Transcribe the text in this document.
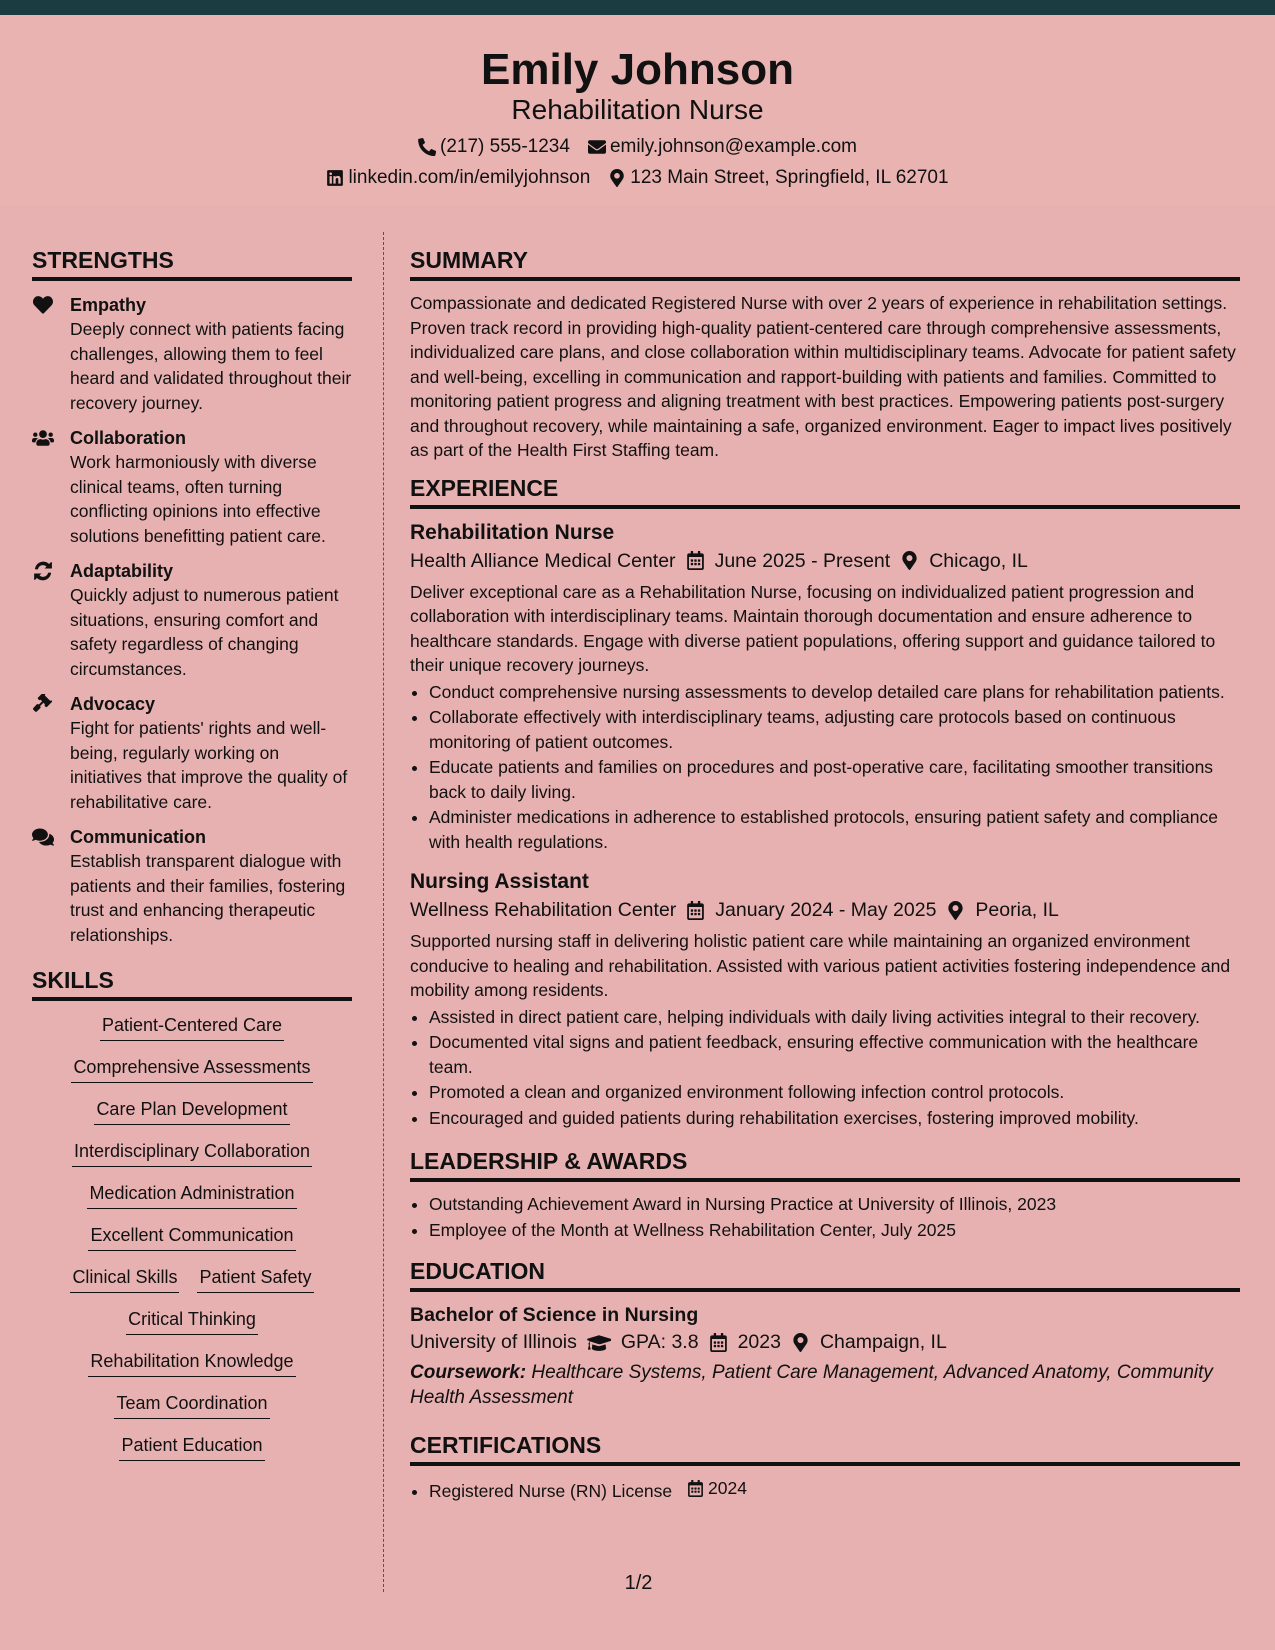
Emily Johnson
Rehabilitation Nurse
(217) 555-1234 emily.johnson@example.com
linkedin.com/in/emilyjohnson 123 Main Street, Springfield, IL 62701
STRENGTHS
Empathy
Deeply connect with patients facing challenges, allowing them to feel heard and validated throughout their recovery journey.
Collaboration
Work harmoniously with diverse clinical teams, often turning conflicting opinions into effective solutions benefitting patient care.
Adaptability
Quickly adjust to numerous patient situations, ensuring comfort and safety regardless of changing circumstances.
Advocacy
Fight for patients' rights and well-being, regularly working on initiatives that improve the quality of rehabilitative care.
Communication
Establish transparent dialogue with patients and their families, fostering trust and enhancing therapeutic relationships.
SKILLS
Patient-Centered Care
Comprehensive Assessments
Care Plan Development
Interdisciplinary Collaboration
Medication Administration
Excellent Communication
Clinical Skills Patient Safety
Critical Thinking
Rehabilitation Knowledge
Team Coordination
Patient Education
SUMMARY
Compassionate and dedicated Registered Nurse with over 2 years of experience in rehabilitation settings. Proven track record in providing high-quality patient-centered care through comprehensive assessments, individualized care plans, and close collaboration within multidisciplinary teams. Advocate for patient safety and well-being, excelling in communication and rapport-building with patients and families. Committed to monitoring patient progress and aligning treatment with best practices. Empowering patients post-surgery and throughout recovery, while maintaining a safe, organized environment. Eager to impact lives positively as part of the Health First Staffing team.
EXPERIENCE
Rehabilitation Nurse
Health Alliance Medical Center June 2025 - Present Chicago, IL
Deliver exceptional care as a Rehabilitation Nurse, focusing on individualized patient progression and collaboration with interdisciplinary teams. Maintain thorough documentation and ensure adherence to healthcare standards. Engage with diverse patient populations, offering support and guidance tailored to their unique recovery journeys.
• Conduct comprehensive nursing assessments to develop detailed care plans for rehabilitation patients.
• Collaborate effectively with interdisciplinary teams, adjusting care protocols based on continuous monitoring of patient outcomes.
• Educate patients and families on procedures and post-operative care, facilitating smoother transitions back to daily living.
• Administer medications in adherence to established protocols, ensuring patient safety and compliance with health regulations.
Nursing Assistant
Wellness Rehabilitation Center January 2024 - May 2025 Peoria, IL
Supported nursing staff in delivering holistic patient care while maintaining an organized environment conducive to healing and rehabilitation. Assisted with various patient activities fostering independence and mobility among residents.
• Assisted in direct patient care, helping individuals with daily living activities integral to their recovery.
• Documented vital signs and patient feedback, ensuring effective communication with the healthcare team.
• Promoted a clean and organized environment following infection control protocols.
• Encouraged and guided patients during rehabilitation exercises, fostering improved mobility.
LEADERSHIP & AWARDS
• Outstanding Achievement Award in Nursing Practice at University of Illinois, 2023
• Employee of the Month at Wellness Rehabilitation Center, July 2025
EDUCATION
Bachelor of Science in Nursing
University of Illinois GPA: 3.8 2023 Champaign, IL
Coursework: Healthcare Systems, Patient Care Management, Advanced Anatomy, Community Health Assessment
CERTIFICATIONS
• Registered Nurse (RN) License 2024
1/2
